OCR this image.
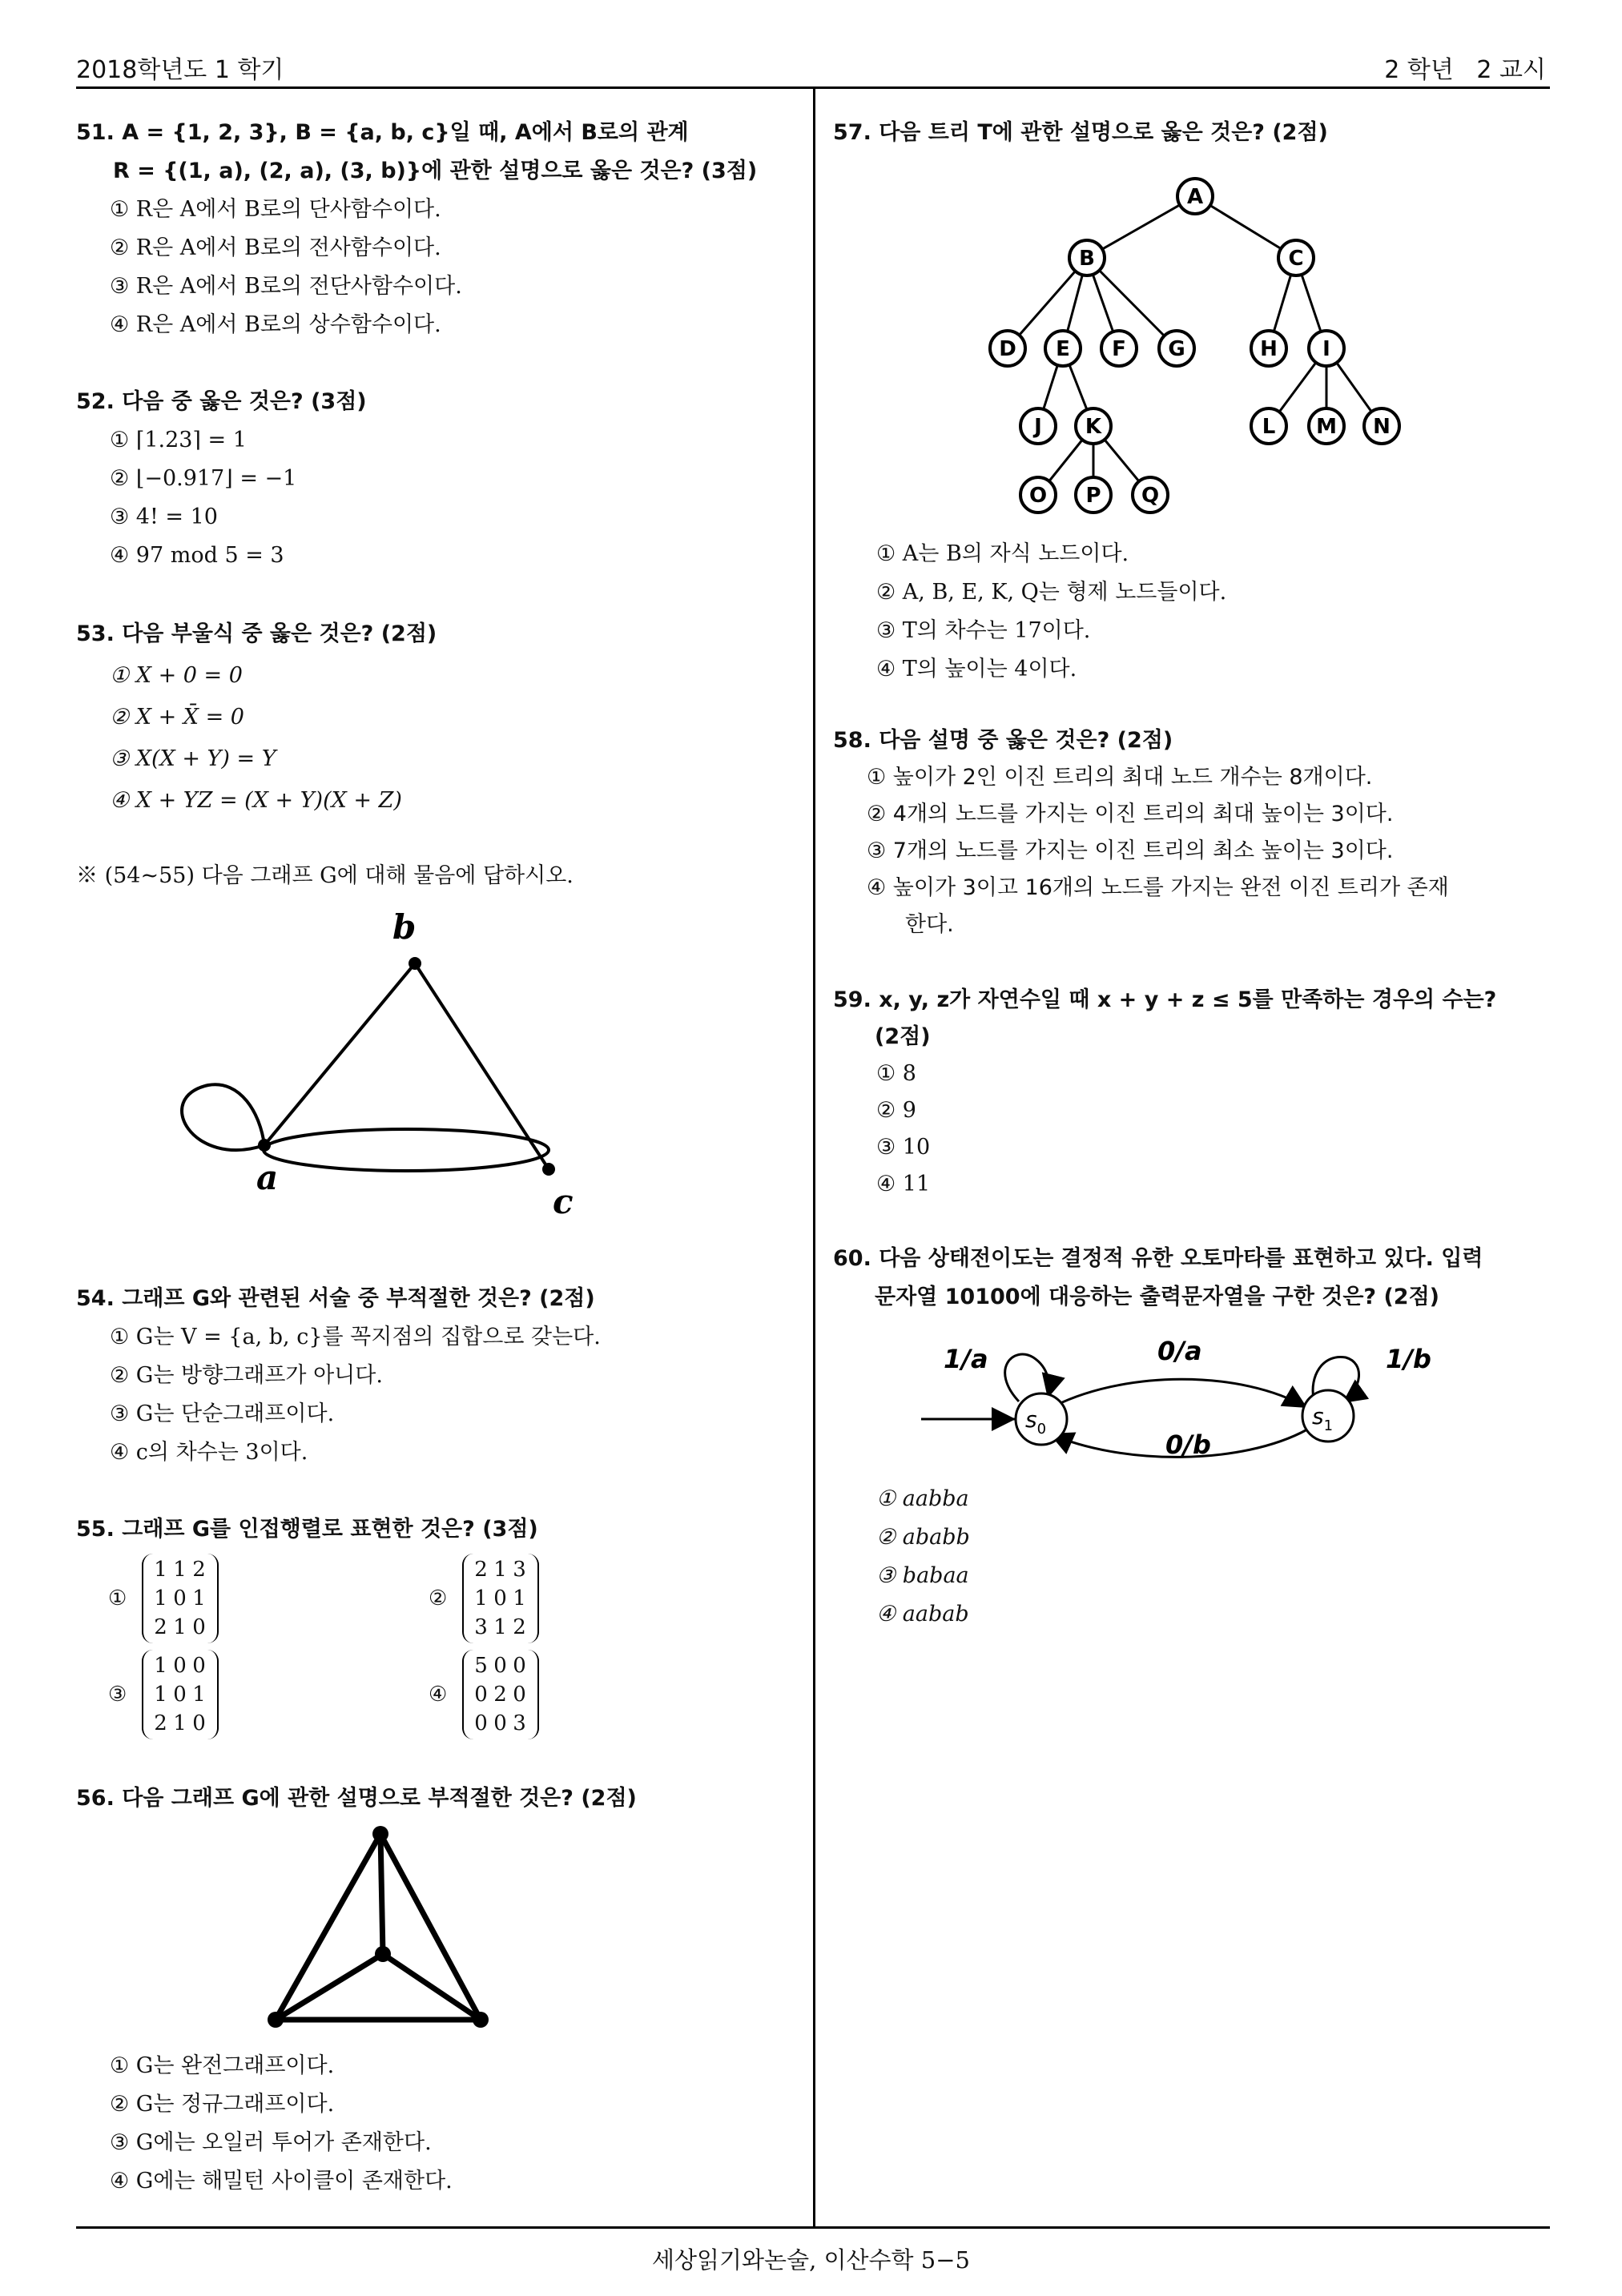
2018학년도 1 학기	2 학년   2 교시
51. A = {1, 2, 3}, B = {a, b, c}일 때, A에서 B로의 관계
R = {(1, a), (2, a), (3, b)}에 관한 설명으로 옳은 것은? (3점)
① R은 A에서 B로의 단사함수이다.
② R은 A에서 B로의 전사함수이다.
③ R은 A에서 B로의 전단사함수이다.
④ R은 A에서 B로의 상수함수이다.
52. 다음 중 옳은 것은? (3점)
① ⌈1.23⌉ = 1
② ⌊−0.917⌋ = −1
③ 4! = 10
④ 97 mod 5 = 3
53. 다음 부울식 중 옳은 것은? (2점)
① X + 0 = 0
② X + X̄ = 0
③ X(X + Y) = Y
④ X + YZ = (X + Y)(X + Z)
※ (54~55) 다음 그래프 G에 대해 물음에 답하시오.
b
a
c
54. 그래프 G와 관련된 서술 중 부적절한 것은? (2점)
① G는 V = {a, b, c}를 꼭지점의 집합으로 갖는다.
② G는 방향그래프가 아니다.
③ G는 단순그래프이다.
④ c의 차수는 3이다.
55. 그래프 G를 인접행렬로 표현한 것은? (3점)
①
1 1 2
1 0 1
2 1 0
②
2 1 3
1 0 1
3 1 2
③
1 0 0
1 0 1
2 1 0
④
5 0 0
0 2 0
0 0 3
56. 다음 그래프 G에 관한 설명으로 부적절한 것은? (2점)
① G는 완전그래프이다.
② G는 정규그래프이다.
③ G에는 오일러 투어가 존재한다.
④ G에는 해밀턴 사이클이 존재한다.
57. 다음 트리 T에 관한 설명으로 옳은 것은? (2점)
A
B	C
D E F G	H I
J K	L M N
O P Q
① A는 B의 자식 노드이다.
② A, B, E, K, Q는 형제 노드들이다.
③ T의 차수는 17이다.
④ T의 높이는 4이다.
58. 다음 설명 중 옳은 것은? (2점)
① 높이가 2인 이진 트리의 최대 노드 개수는 8개이다.
② 4개의 노드를 가지는 이진 트리의 최대 높이는 3이다.
③ 7개의 노드를 가지는 이진 트리의 최소 높이는 3이다.
④ 높이가 3이고 16개의 노드를 가지는 완전 이진 트리가 존재
한다.
59. x, y, z가 자연수일 때 x + y + z ≤ 5를 만족하는 경우의 수는?
(2점)
① 8
② 9
③ 10
④ 11
60. 다음 상태전이도는 결정적 유한 오토마타를 표현하고 있다. 입력
문자열 10100에 대응하는 출력문자열을 구한 것은? (2점)
1/a	0/a	1/b
0/b
$s_0$	$s_1$
① aabba
② ababb
③ babaa
④ aabab
세상읽기와논술, 이산수학 5−5
